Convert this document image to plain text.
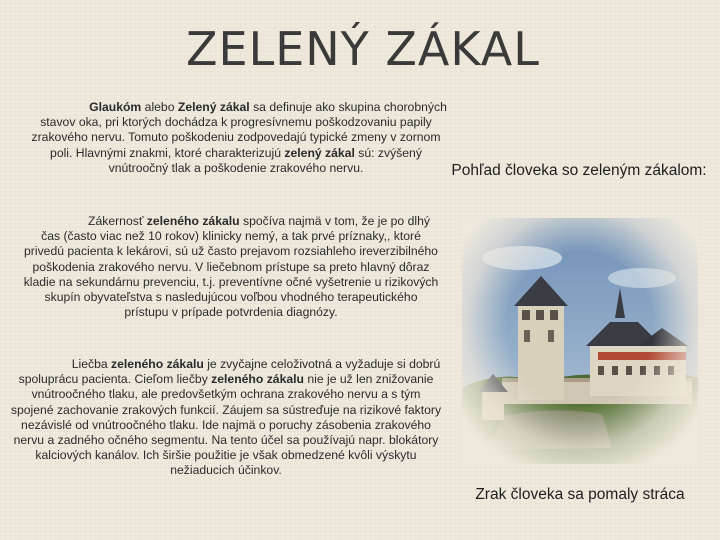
ZELENÝ ZÁKAL

Glaukóm alebo Zelený zákal sa definuje ako skupina chorobných stavov oka, pri ktorých dochádza k progresívnemu poškodzovaniu papily zrakového nervu. Tomuto poškodeniu zodpovedajú typické zmeny v zornom poli. Hlavnými znakmi, ktoré charakterizujú zelený zákal sú: zvýšený vnútroočný tlak a poškodenie zrakového nervu.

Zákernosť zeleného zákalu spočíva najmä v tom, že je po dlhý čas (často viac než 10 rokov) klinicky nemý, a tak prvé príznaky,, ktoré privedú pacienta k lekárovi, sú už často prejavom rozsiahleho ireverzibilného poškodenia zrakového nervu. V liečebnom prístupe sa preto hlavný dôraz kladie na sekundárnu prevenciu, t.j. preventívne očné vyšetrenie u rizikových skupín obyvateľstva s nasledujúcou voľbou vhodného terapeutického prístupu v prípade potvrdenia diagnózy.

Liečba zeleného zákalu je zvyčajne celoživotná a vyžaduje si dobrú spoluprácu pacienta. Cieľom liečby zeleného zákalu nie je už len znižovanie vnútroočného tlaku, ale predovšetkým ochrana zrakového nervu a s tým spojené zachovanie zrakových funkcií. Záujem sa sústreďuje na rizikové faktory nezávislé od vnútroočného tlaku. Ide najmä o poruchy zásobenia zrakového nervu a zadného očného segmentu. Na tento účel sa používajú napr. blokátory kalciových kanálov. Ich širšie použitie je však obmedzené kvôli výskytu nežiaducich účinkov.

Pohľad človeka so zeleným zákalom:

Zrak človeka sa pomaly stráca
